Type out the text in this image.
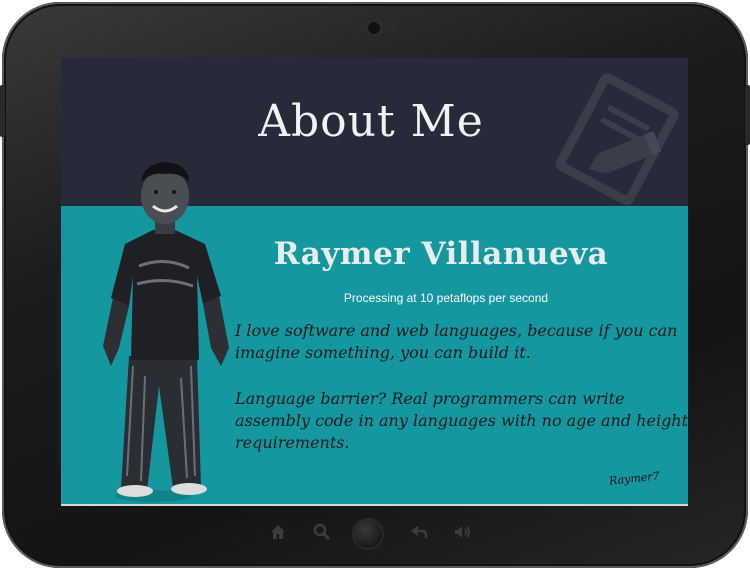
About Me
Raymer Villanueva
Processing at 10 petaflops per second
I love software and web languages, because if you can imagine something, you can build it.
Language barrier? Real programmers can write assembly code in any languages with no age and height requirements.
Raymer7
